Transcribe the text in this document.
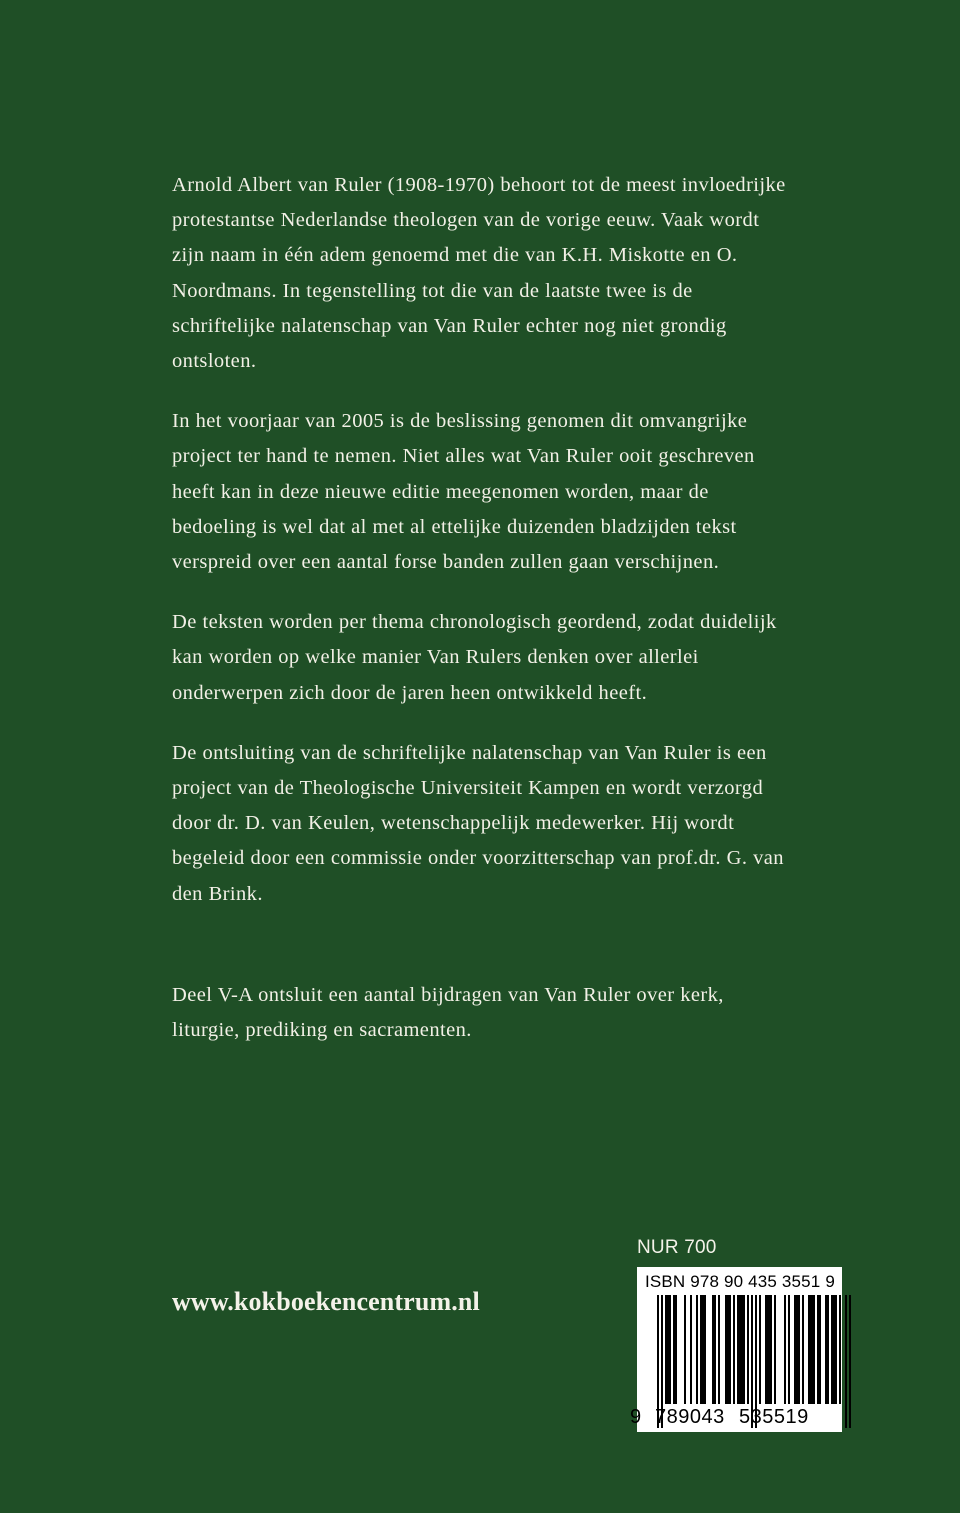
Arnold Albert van Ruler (1908-1970) behoort tot de meest invloedrijke protestantse Nederlandse theologen van de vorige eeuw. Vaak wordt zijn naam in één adem genoemd met die van K.H. Miskotte en O. Noordmans. In tegenstelling tot die van de laatste twee is de schriftelijke nalatenschap van Van Ruler echter nog niet grondig ontsloten.

In het voorjaar van 2005 is de beslissing genomen dit omvangrijke project ter hand te nemen. Niet alles wat Van Ruler ooit geschreven heeft kan in deze nieuwe editie meegenomen worden, maar de bedoeling is wel dat al met al ettelijke duizenden bladzijden tekst verspreid over een aantal forse banden zullen gaan verschijnen.

De teksten worden per thema chronologisch geordend, zodat duidelijk kan worden op welke manier Van Rulers denken over allerlei onderwerpen zich door de jaren heen ontwikkeld heeft.

De ontsluiting van de schriftelijke nalatenschap van Van Ruler is een project van de Theologische Universiteit Kampen en wordt verzorgd door dr. D. van Keulen, wetenschappelijk medewerker. Hij wordt begeleid door een commissie onder voorzitterschap van prof.dr. G. van den Brink.

Deel V-A ontsluit een aantal bijdragen van Van Ruler over kerk, liturgie, prediking en sacramenten.

www.kokboekencentrum.nl
NUR 700
ISBN 978 90 435 3551 9
9 789043 535519
